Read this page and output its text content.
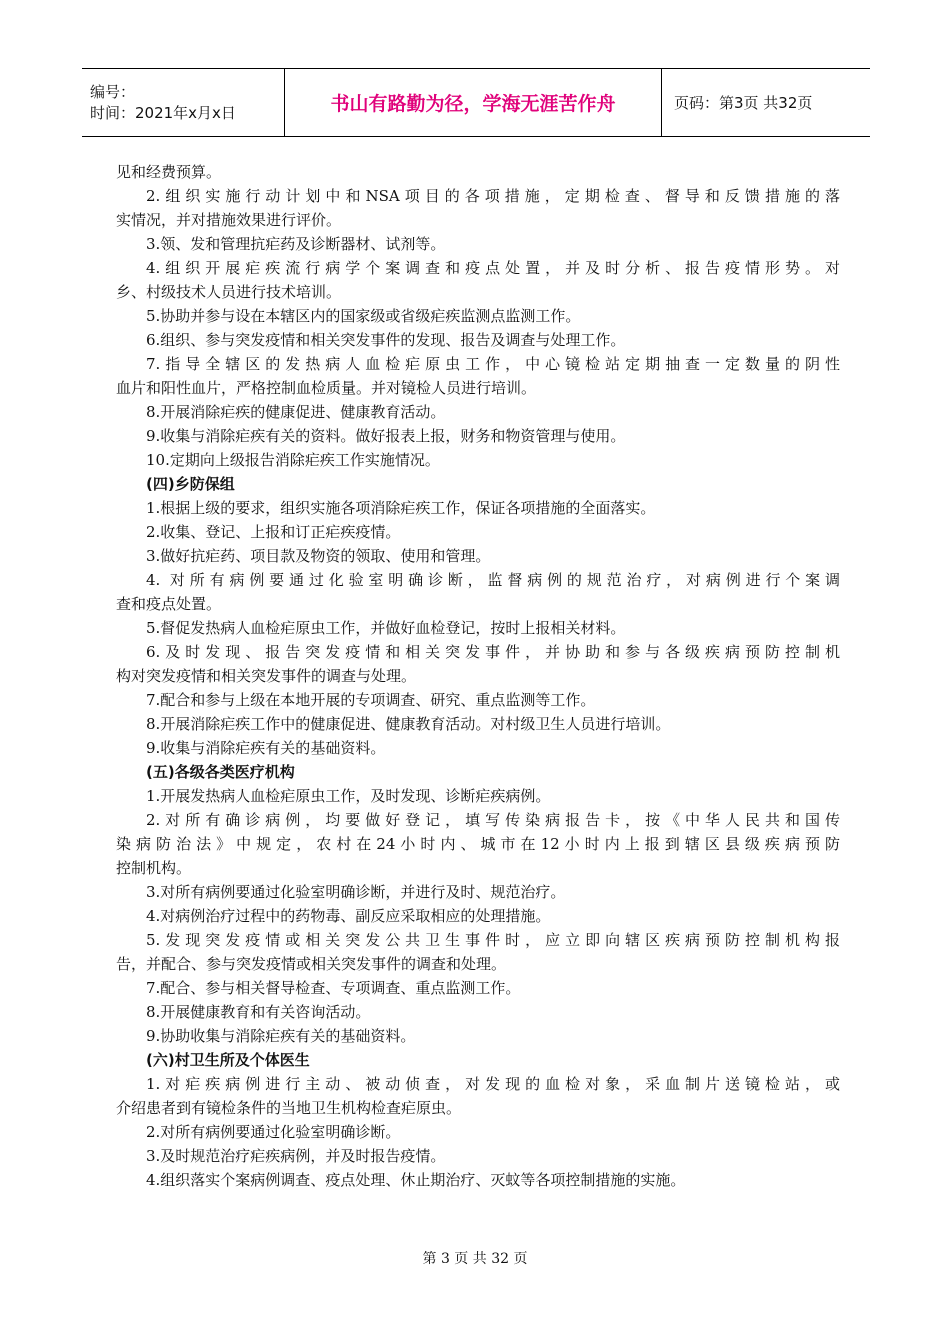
编号：
时间：2021年x月x日	书山有路勤为径，学海无涯苦作舟	页码：第3页 共32页
见和经费预算。
2.组织实施行动计划中和NSA项目的各项措施，定期检查、督导和反馈措施的落
实情况，并对措施效果进行评价。
3.领、发和管理抗疟药及诊断器材、试剂等。
4.组织开展疟疾流行病学个案调查和疫点处置，并及时分析、报告疫情形势。对
乡、村级技术人员进行技术培训。
5.协助并参与设在本辖区内的国家级或省级疟疾监测点监测工作。
6.组织、参与突发疫情和相关突发事件的发现、报告及调查与处理工作。
7.指导全辖区的发热病人血检疟原虫工作，中心镜检站定期抽查一定数量的阴性
血片和阳性血片，严格控制血检质量。并对镜检人员进行培训。
8.开展消除疟疾的健康促进、健康教育活动。
9.收集与消除疟疾有关的资料。做好报表上报，财务和物资管理与使用。
10.定期向上级报告消除疟疾工作实施情况。
(四)乡防保组
1.根据上级的要求，组织实施各项消除疟疾工作，保证各项措施的全面落实。
2.收集、登记、上报和订正疟疾疫情。
3.做好抗疟药、项目款及物资的领取、使用和管理。
4. 对所有病例要通过化验室明确诊断，监督病例的规范治疗，对病例进行个案调
查和疫点处置。
5.督促发热病人血检疟原虫工作，并做好血检登记，按时上报相关材料。
6.及时发现、报告突发疫情和相关突发事件，并协助和参与各级疾病预防控制机
构对突发疫情和相关突发事件的调查与处理。
7.配合和参与上级在本地开展的专项调查、研究、重点监测等工作。
8.开展消除疟疾工作中的健康促进、健康教育活动。对村级卫生人员进行培训。
9.收集与消除疟疾有关的基础资料。
(五)各级各类医疗机构
1.开展发热病人血检疟原虫工作，及时发现、诊断疟疾病例。
2.对所有确诊病例，均要做好登记，填写传染病报告卡，按《中华人民共和国传
染病防治法》中规定，农村在24小时内、城市在12小时内上报到辖区县级疾病预防
控制机构。
3.对所有病例要通过化验室明确诊断，并进行及时、规范治疗。
4.对病例治疗过程中的药物毒、副反应采取相应的处理措施。
5.发现突发疫情或相关突发公共卫生事件时，应立即向辖区疾病预防控制机构报
告，并配合、参与突发疫情或相关突发事件的调查和处理。
7.配合、参与相关督导检查、专项调查、重点监测工作。
8.开展健康教育和有关咨询活动。
9.协助收集与消除疟疾有关的基础资料。
(六)村卫生所及个体医生
1.对疟疾病例进行主动、被动侦查，对发现的血检对象，采血制片送镜检站，或
介绍患者到有镜检条件的当地卫生机构检查疟原虫。
2.对所有病例要通过化验室明确诊断。
3.及时规范治疗疟疾病例，并及时报告疫情。
4.组织落实个案病例调查、疫点处理、休止期治疗、灭蚊等各项控制措施的实施。
第 3 页 共 32 页
